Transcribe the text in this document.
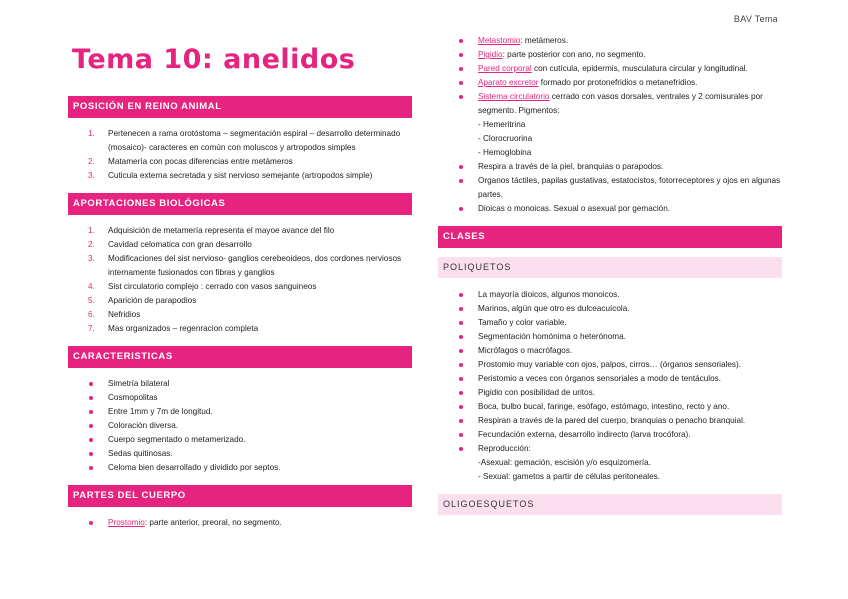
BAV Tema
Tema 10: anelidos
POSICIÓN EN REINO ANIMAL
1. Pertenecen a rama orotóstoma – segmentación espiral – desarrollo determinado (mosaico)- caracteres en común con moluscos y artropodos simples
2. Matamería con pocas diferencias entre metámeros
3. Cuticula externa secretada y sist nervioso semejante (artropodos simple)
APORTACIONES BIOLÓGICAS
1. Adquisición de metamería representa el mayoe avance del filo
2. Cavidad celomatica con gran desarrollo
3. Modificaciones del sist nervioso- ganglios cerebeoideos, dos cordones nerviosos internamente fusionados con fibras y ganglios
4. Sist circulatorio complejo : cerrado con vasos sanguineos
5. Aparición de parapodios
6. Nefridios
7. Mas organizados – regenracion completa
CARACTERISTICAS
Simetría bilateral
Cosmopolitas
Entre 1mm y 7m de longitud.
Coloración diversa.
Cuerpo segmentado o metamerizado.
Sedas quitinosas.
Celoma bien desarrollado y dividido por septos.
PARTES DEL CUERPO
Prostomio: parte anterior, preoral, no segmento.
Metastomio: metámeros.
Pigidio: parte posterior con ano, no segmento.
Pared corporal con cutícula, epidermis, musculatura circular y longitudinal.
Aparato excretor formado por protonefridios o metanefridios.
Sistema circulatorio cerrado con vasos dorsales, ventrales y 2 comisurales por segmento. Pigmentos:
- Hemeritrina
- Clorocruorina
- Hemoglobina
Respira a través de la piel, branquias o parapodos.
Organos táctiles, papilas gustativas, estatocistos, fotorreceptores y ojos en algunas partes.
Dioicas o monoicas. Sexual o asexual por gemación.
CLASES
POLIQUETOS
La mayoría dioicos, algunos monoicos.
Marinos, algún que otro es dulceacuícola.
Tamaño y color variable.
Segmentación homónima o heterónoma.
Micrófagos o macrófagos.
Prostomio muy variable con ojos, palpos, cirros… (órganos sensoriales).
Peristomio a veces con órganos sensoriales a modo de tentáculos.
Pigidio con posibilidad de uritos.
Boca, bulbo bucal, faringe, esófago, estómago, intestino, recto y ano.
Respiran a través de la pared del cuerpo, branquias o penacho branquial.
Fecundación externa, desarrollo indirecto (larva trocófora).
Reproducción:
-Asexual: gemación, escisión y/o esquizomería.
- Sexual: gametos a partir de células peritoneales.
OLIGOESQUETOS
